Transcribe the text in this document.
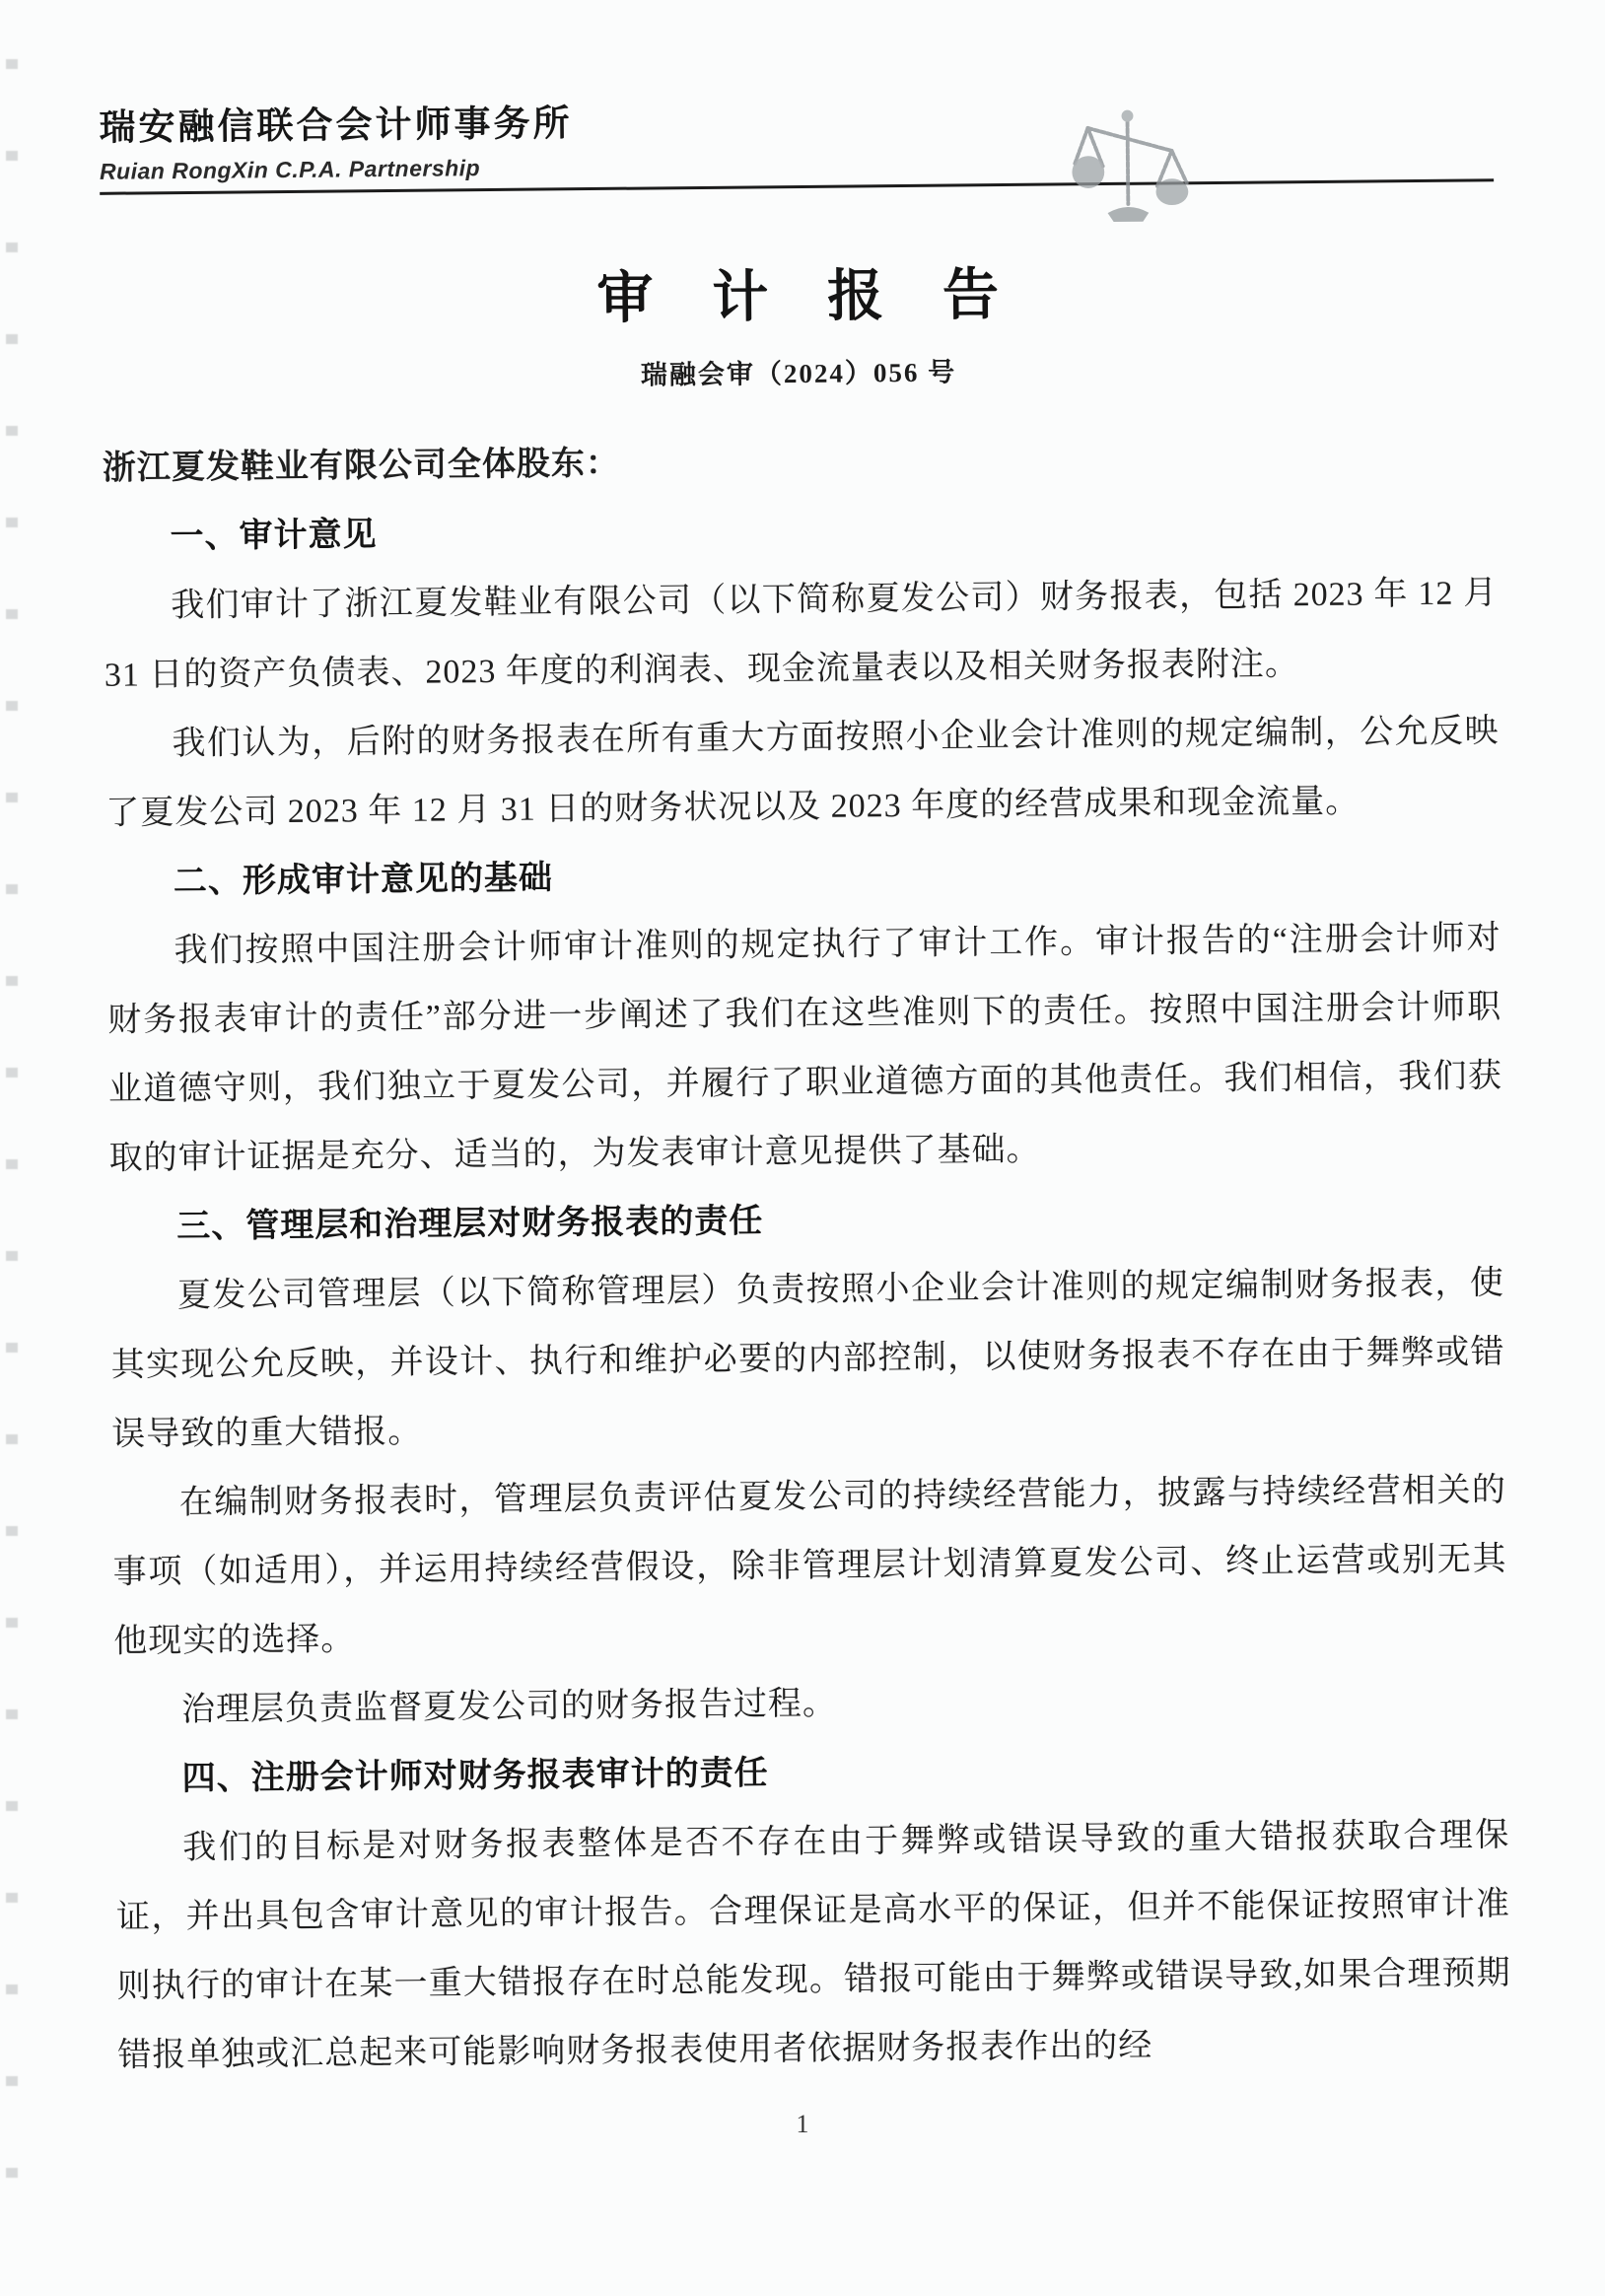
瑞安融信联合会计师事务所
Ruian RongXin C.P.A. Partnership
审计报告
瑞融会审（2024）056 号

浙江夏发鞋业有限公司全体股东：

一、审计意见

我们审计了浙江夏发鞋业有限公司（以下简称夏发公司）财务报表，包括 2023 年 12 月 31 日的资产负债表、2023 年度的利润表、现金流量表以及相关财务报表附注。

我们认为，后附的财务报表在所有重大方面按照小企业会计准则的规定编制，公允反映了夏发公司 2023 年 12 月 31 日的财务状况以及 2023 年度的经营成果和现金流量。

二、形成审计意见的基础

我们按照中国注册会计师审计准则的规定执行了审计工作。审计报告的“注册会计师对财务报表审计的责任”部分进一步阐述了我们在这些准则下的责任。按照中国注册会计师职业道德守则，我们独立于夏发公司，并履行了职业道德方面的其他责任。我们相信，我们获取的审计证据是充分、适当的，为发表审计意见提供了基础。

三、管理层和治理层对财务报表的责任

夏发公司管理层（以下简称管理层）负责按照小企业会计准则的规定编制财务报表，使其实现公允反映，并设计、执行和维护必要的内部控制，以使财务报表不存在由于舞弊或错误导致的重大错报。

在编制财务报表时，管理层负责评估夏发公司的持续经营能力，披露与持续经营相关的事项（如适用），并运用持续经营假设，除非管理层计划清算夏发公司、终止运营或别无其他现实的选择。

治理层负责监督夏发公司的财务报告过程。

四、注册会计师对财务报表审计的责任

我们的目标是对财务报表整体是否不存在由于舞弊或错误导致的重大错报获取合理保证，并出具包含审计意见的审计报告。合理保证是高水平的保证，但并不能保证按照审计准则执行的审计在某一重大错报存在时总能发现。错报可能由于舞弊或错误导致,如果合理预期错报单独或汇总起来可能影响财务报表使用者依据财务报表作出的经

1
